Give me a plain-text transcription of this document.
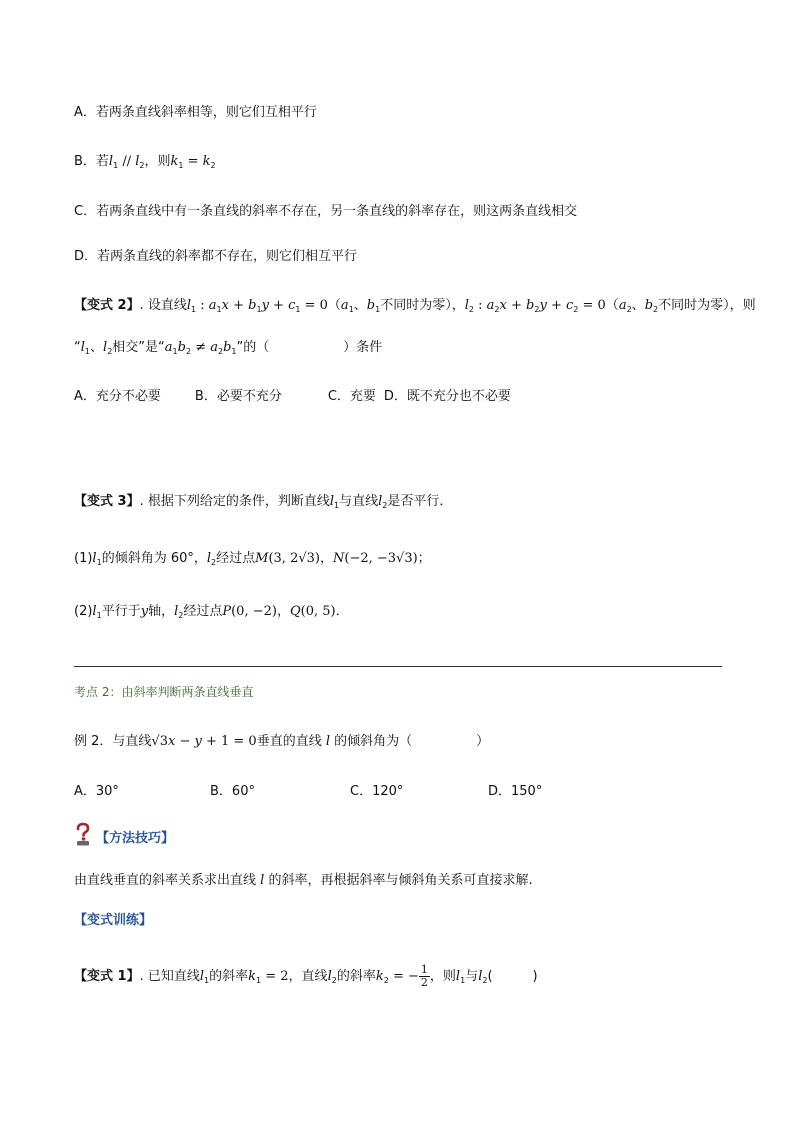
A．若两条直线斜率相等，则它们互相平行
B．若$l_1 // l_2$，则$k_1 = k_2$
C．若两条直线中有一条直线的斜率不存在，另一条直线的斜率存在，则这两条直线相交
D．若两条直线的斜率都不存在，则它们相互平行
【变式 2】. 设直线$l_1$ : $a_1x + b_1y + c_1 = 0(a_1$、$b_1$不同时为零），$l_2$ : $a_2x + b_2y + c_2 = 0(a_2$、$b_2$不同时为零），则
“$l_1$、$l_2$相交”是“$a_1b_2 \ne a_2b_1$”的（	）条件
A．充分不必要	B．必要不充分	C．充要 D．既不充分也不必要
【变式 3】. 根据下列给定的条件，判断直线$l_1$与直线$l_2$是否平行．
$(1)l_1$的倾斜角为 60°，$l_2$经过点M(3, 2√3)，N(−2, −3√3)；
$(2)l_1$平行于y轴，$l_2$经过点P(0, −2)，Q(0, 5)．
考点 2：由斜率判断两条直线垂直
例 2．与直线√3x − y + 1 = 0垂直的直线 l 的倾斜角为（	）
A．30°	B．60°	C．120°	D．150°
【方法技巧】
由直线垂直的斜率关系求出直线 l 的斜率，再根据斜率与倾斜角关系可直接求解.
【变式训练】
【变式 1】. 已知直线$l_1$的斜率$k_1 = 2$，直线$l_2$的斜率$k_2$ = − $\frac{1}{2}$ ，则$l_1$与$l_2$(	)
